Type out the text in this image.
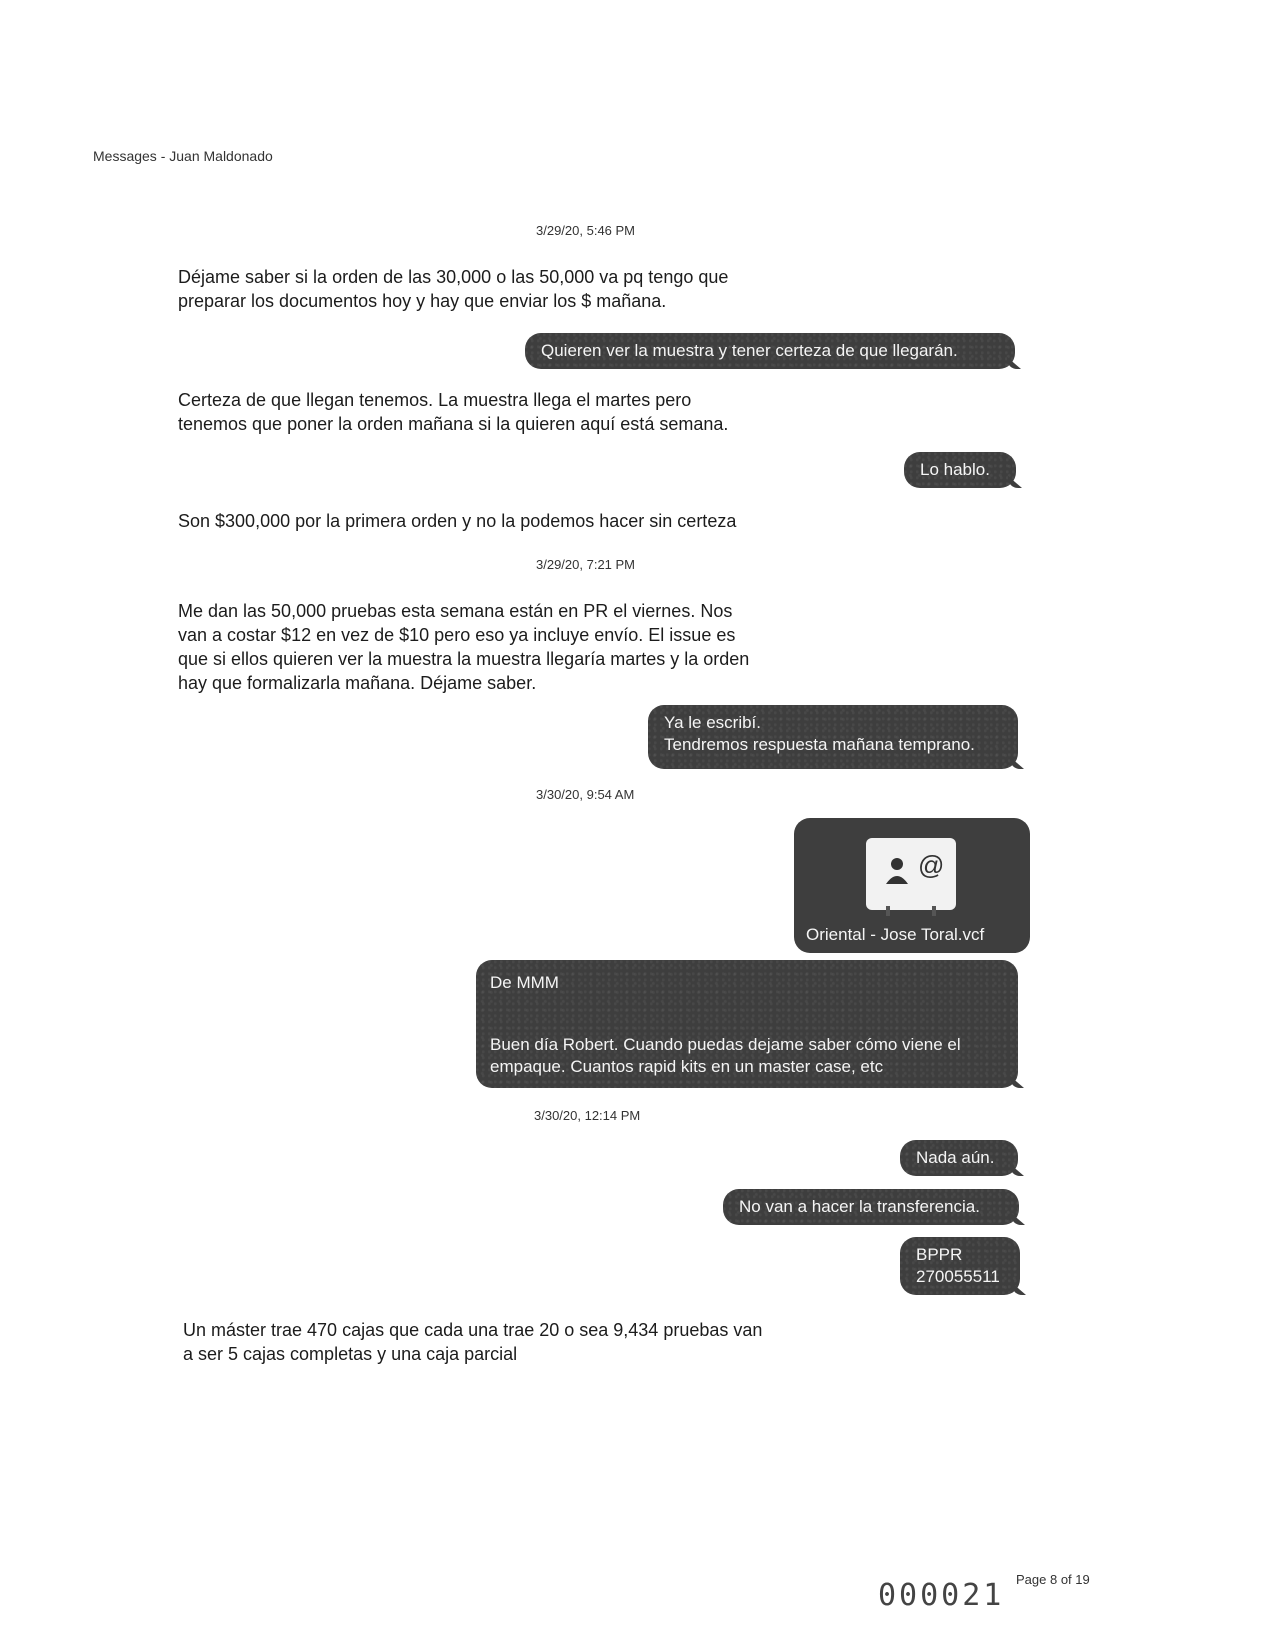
Messages - Juan Maldonado
3/29/20, 5:46 PM
Déjame saber si la orden de las 30,000 o las 50,000 va pq tengo que
preparar los documentos hoy y hay que enviar los $ mañana.
Quieren ver la muestra y tener certeza de que llegarán.
Certeza de que llegan tenemos. La muestra llega el martes pero
tenemos que poner la orden mañana si la quieren aquí está semana.
Lo hablo.
Son $300,000 por la primera orden y no la podemos hacer sin certeza
3/29/20, 7:21 PM
Me dan las 50,000 pruebas esta semana están en PR el viernes. Nos
van a costar $12 en vez de $10 pero eso ya incluye envío. El issue es
que si ellos quieren ver la muestra la muestra llegaría martes y la orden
hay que formalizarla mañana. Déjame saber.
Ya le escribí.
Tendremos respuesta mañana temprano.
3/30/20, 9:54 AM
@
Oriental - Jose Toral.vcf
De MMM
Buen día Robert. Cuando puedas dejame saber cómo viene el
empaque. Cuantos rapid kits en un master case, etc
3/30/20, 12:14 PM
Nada aún.
No van a hacer la transferencia.
BPPR
270055511
Un máster trae 470 cajas que cada una trae 20 o sea 9,434 pruebas van
a ser 5 cajas completas y una caja parcial
000021 Page 8 of 19
